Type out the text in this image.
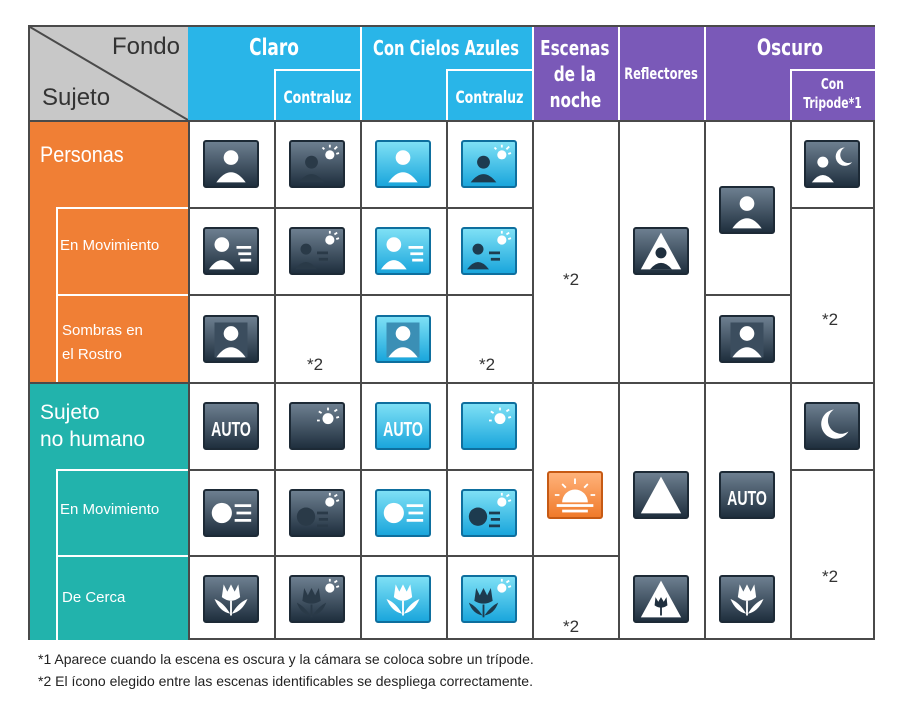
Fondo
Sujeto
Claro
Contraluz
Con Cielos Azules
Contraluz
Escenas
de la
noche
Reflectores
Oscuro
Con
Tripode*1
Personas
En Movimiento
Sombras en
el Rostro
Sujeto
no humano
En Movimiento
De Cerca
*2
*2	*2
*2
AUTO	AUTO
AUTO
*2
*2
*1 Aparece cuando la escena es oscura y la cámara se coloca sobre un trípode.
*2 El ícono elegido entre las escenas identificables se despliega correctamente.
